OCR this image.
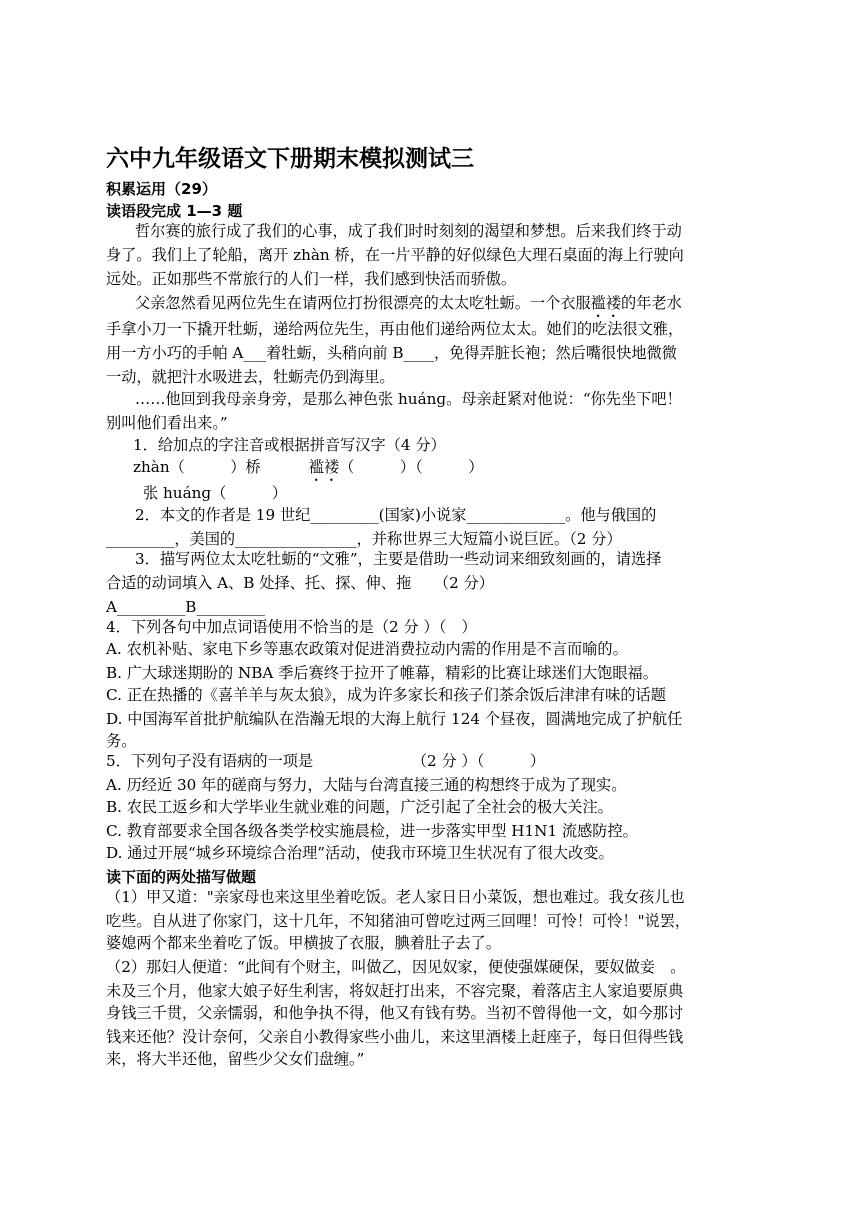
六中九年级语文下册期末模拟测试三
积累运用（29）
读语段完成 1—3 题
哲尔赛的旅行成了我们的心事，成了我们时时刻刻的渴望和梦想。后来我们终于动
身了。我们上了轮船，离开 zhàn 桥，在一片平静的好似绿色大理石桌面的海上行驶向
远处。正如那些不常旅行的人们一样，我们感到快活而骄傲。
父亲忽然看见两位先生在请两位打扮很漂亮的太太吃牡蛎。一个衣服褴褛的年老水
手拿小刀一下撬开牡蛎，递给两位先生，再由他们递给两位太太。她们的吃法很文雅，
用一方小巧的手帕 A___着牡蛎，头稍向前 B____，免得弄脏长袍；然后嘴很快地微微
一动，就把汁水吸进去，牡蛎壳仍到海里。
……他回到我母亲身旁，是那么神色张 huánɡ。母亲赶紧对他说：“你先坐下吧！
别叫他们看出来。”
1．给加点的字注音或根据拼音写汉字（4 分）
zhàn（　　　）桥	褴褛（　　　）（　　　）
张 huánɡ（　　　）
2．本文的作者是 19 世纪_________(国家)小说家_____________。他与俄国的
_________，美国的________________，并称世界三大短篇小说巨匠。（2 分）
3．描写两位太太吃牡蛎的“文雅”，主要是借助一些动词来细致刻画的，请选择
合适的动词填入 A、B 处择、托、探、伸、拖　　（2 分）
A_________B_________
4．下列各句中加点词语使用不恰当的是（2 分 ）（　）
A. 农机补贴、家电下乡等惠农政策对促进消费拉动内需的作用是不言而喻的。
B. 广大球迷期盼的 NBA 季后赛终于拉开了帷幕，精彩的比赛让球迷们大饱眼福。
C. 正在热播的《喜羊羊与灰太狼》，成为许多家长和孩子们茶余饭后津津有味的话题
D. 中国海军首批护航编队在浩瀚无垠的大海上航行 124 个昼夜，圆满地完成了护航任
务。
5．下列句子没有语病的一项是　　　　　　　（2 分 ）（　　　）
A. 历经近 30 年的磋商与努力，大陆与台湾直接三通的构想终于成为了现实。
B. 农民工返乡和大学毕业生就业难的问题，广泛引起了全社会的极大关注。
C. 教育部要求全国各级各类学校实施晨检，进一步落实甲型 H1N1 流感防控。
D. 通过开展“城乡环境综合治理”活动，使我市环境卫生状况有了很大改变。
读下面的两处描写做题
（1）甲又道："亲家母也来这里坐着吃饭。老人家日日小菜饭，想也难过。我女孩儿也
吃些。自从进了你家门，这十几年，不知猪油可曾吃过两三回哩！可怜！可怜！"说罢，
婆媳两个都来坐着吃了饭。甲横披了衣服，腆着肚子去了。
（2）那妇人便道：“此间有个财主，叫做乙，因见奴家，便使强媒硬保，要奴做妾　。
未及三个月，他家大娘子好生利害，将奴赶打出来，不容完聚，着落店主人家追要原典
身钱三千贯，父亲懦弱，和他争执不得，他又有钱有势。当初不曾得他一文，如今那讨
钱来还他？没计奈何，父亲自小教得家些小曲儿，来这里酒楼上赶座子，每日但得些钱
来，将大半还他，留些少父女们盘缠。”
